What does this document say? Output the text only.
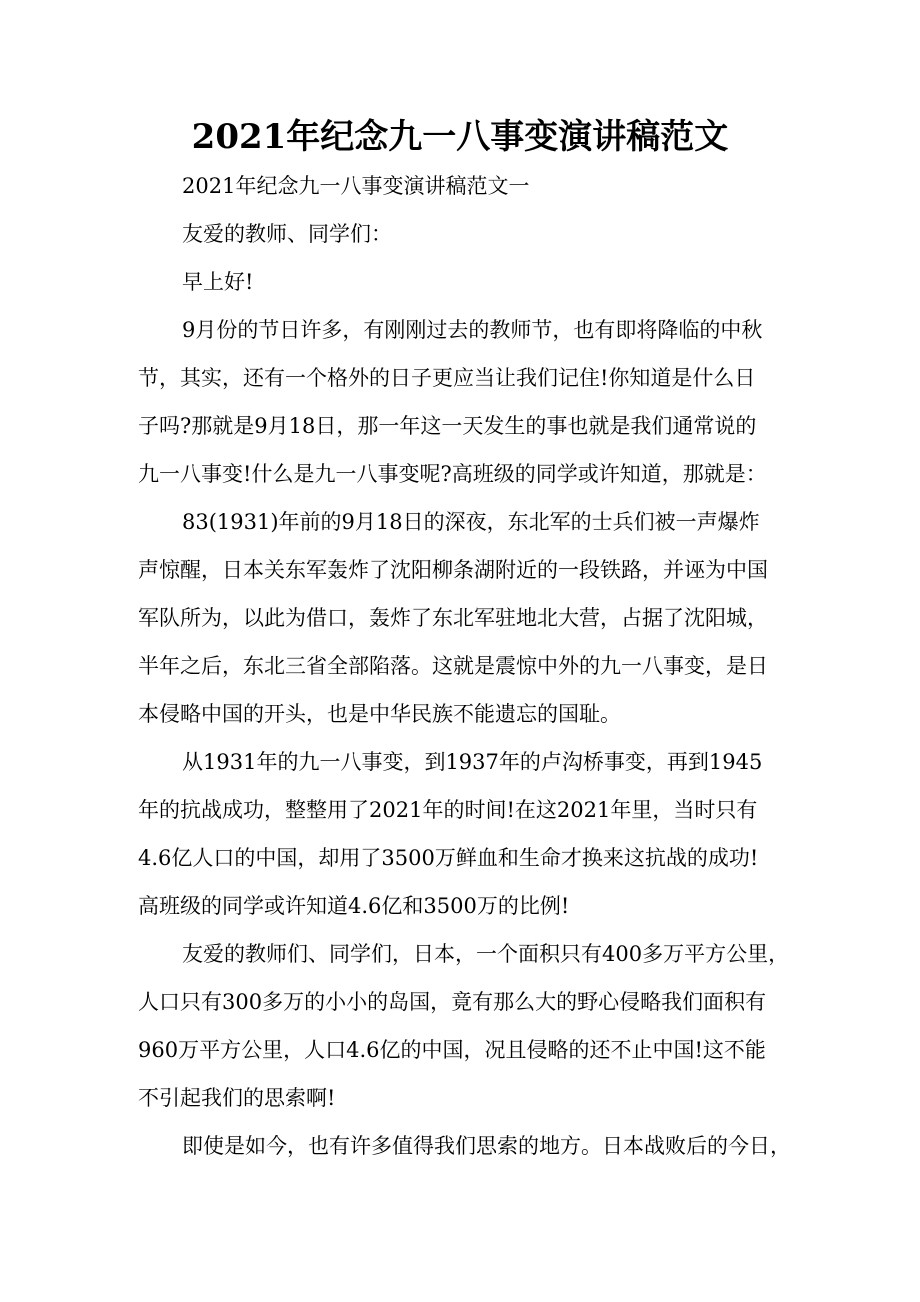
2021年纪念九一八事变演讲稿范文
2021年纪念九一八事变演讲稿范文一
友爱的教师、同学们：
早上好!
9月份的节日许多，有刚刚过去的教师节，也有即将降临的中秋
节，其实，还有一个格外的日子更应当让我们记住!你知道是什么日
子吗?那就是9月18日，那一年这一天发生的事也就是我们通常说的
九一八事变!什么是九一八事变呢?高班级的同学或许知道，那就是：
83(1931)年前的9月18日的深夜，东北军的士兵们被一声爆炸
声惊醒，日本关东军轰炸了沈阳柳条湖附近的一段铁路，并诬为中国
军队所为，以此为借口，轰炸了东北军驻地北大营，占据了沈阳城，
半年之后，东北三省全部陷落。这就是震惊中外的九一八事变，是日
本侵略中国的开头，也是中华民族不能遗忘的国耻。
从1931年的九一八事变，到1937年的卢沟桥事变，再到1945
年的抗战成功，整整用了2021年的时间!在这2021年里，当时只有
4.6亿人口的中国，却用了3500万鲜血和生命才换来这抗战的成功!
高班级的同学或许知道4.6亿和3500万的比例!
友爱的教师们、同学们，日本，一个面积只有400多万平方公里，
人口只有300多万的小小的岛国，竟有那么大的野心侵略我们面积有
960万平方公里，人口4.6亿的中国，况且侵略的还不止中国!这不能
不引起我们的思索啊!
即使是如今，也有许多值得我们思索的地方。日本战败后的今日，
